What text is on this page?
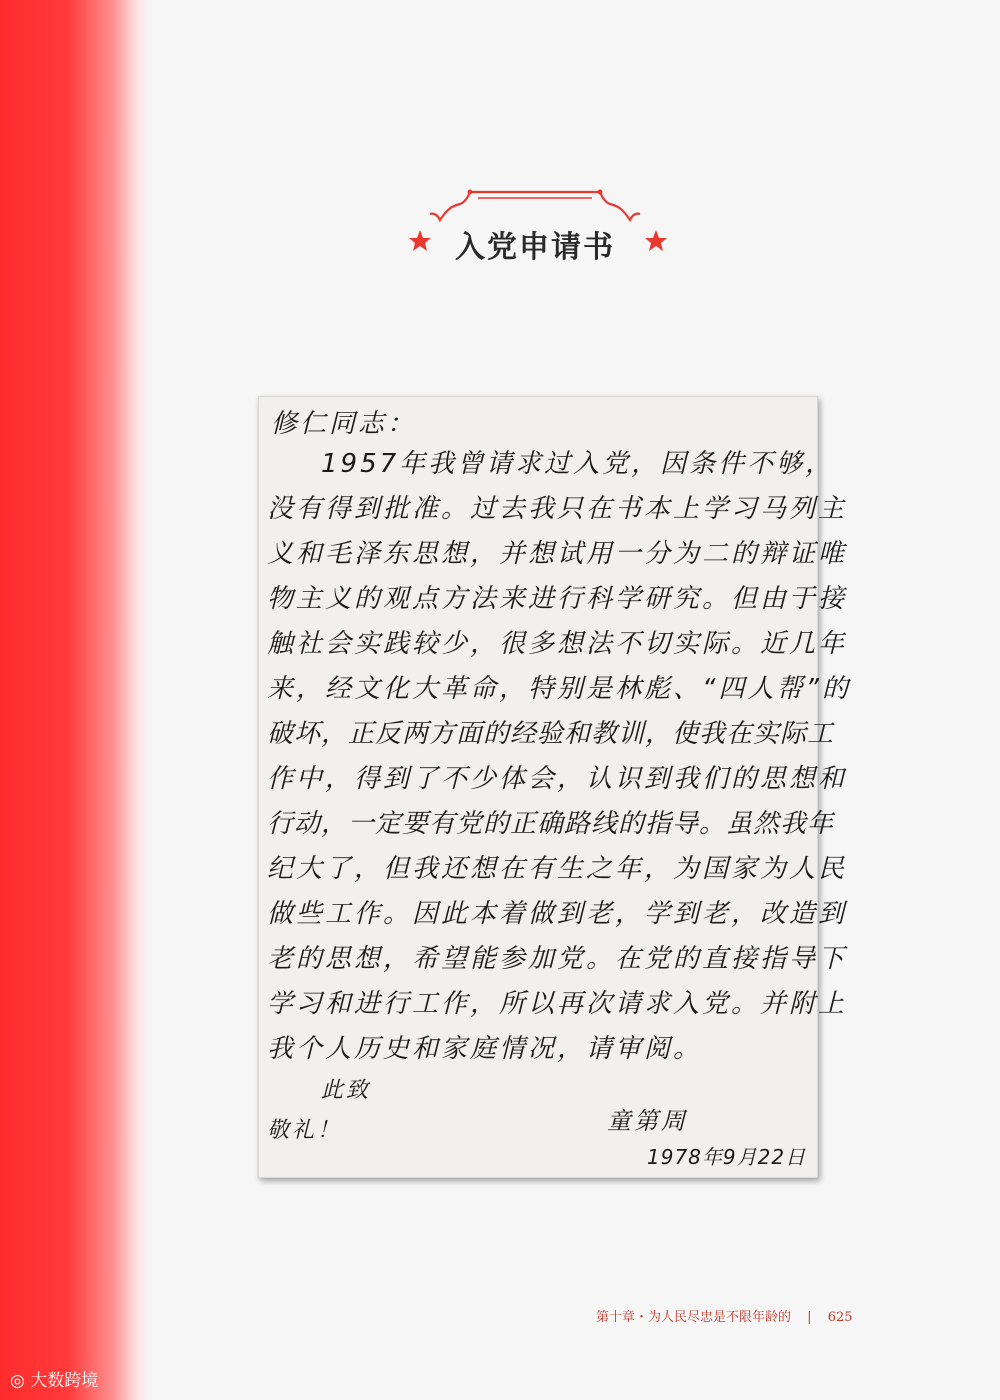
入党申请书
修仁同志：
1957年我曾请求过入党，因条件不够，
没有得到批准。过去我只在书本上学习马列主
义和毛泽东思想，并想试用一分为二的辩证唯
物主义的观点方法来进行科学研究。但由于接
触社会实践较少，很多想法不切实际。近几年
来，经文化大革命，特别是林彪、“四人帮”的
破坏，正反两方面的经验和教训，使我在实际工
作中，得到了不少体会，认识到我们的思想和
行动，一定要有党的正确路线的指导。虽然我年
纪大了，但我还想在有生之年，为国家为人民
做些工作。因此本着做到老，学到老，改造到
老的思想，希望能参加党。在党的直接指导下
学习和进行工作，所以再次请求入党。并附上
我个人历史和家庭情况，请审阅。
此致
敬礼！	童第周
1978年9月22日
第十章・为人民尽忠是不限年龄的 | 625
◎ 大数跨境
